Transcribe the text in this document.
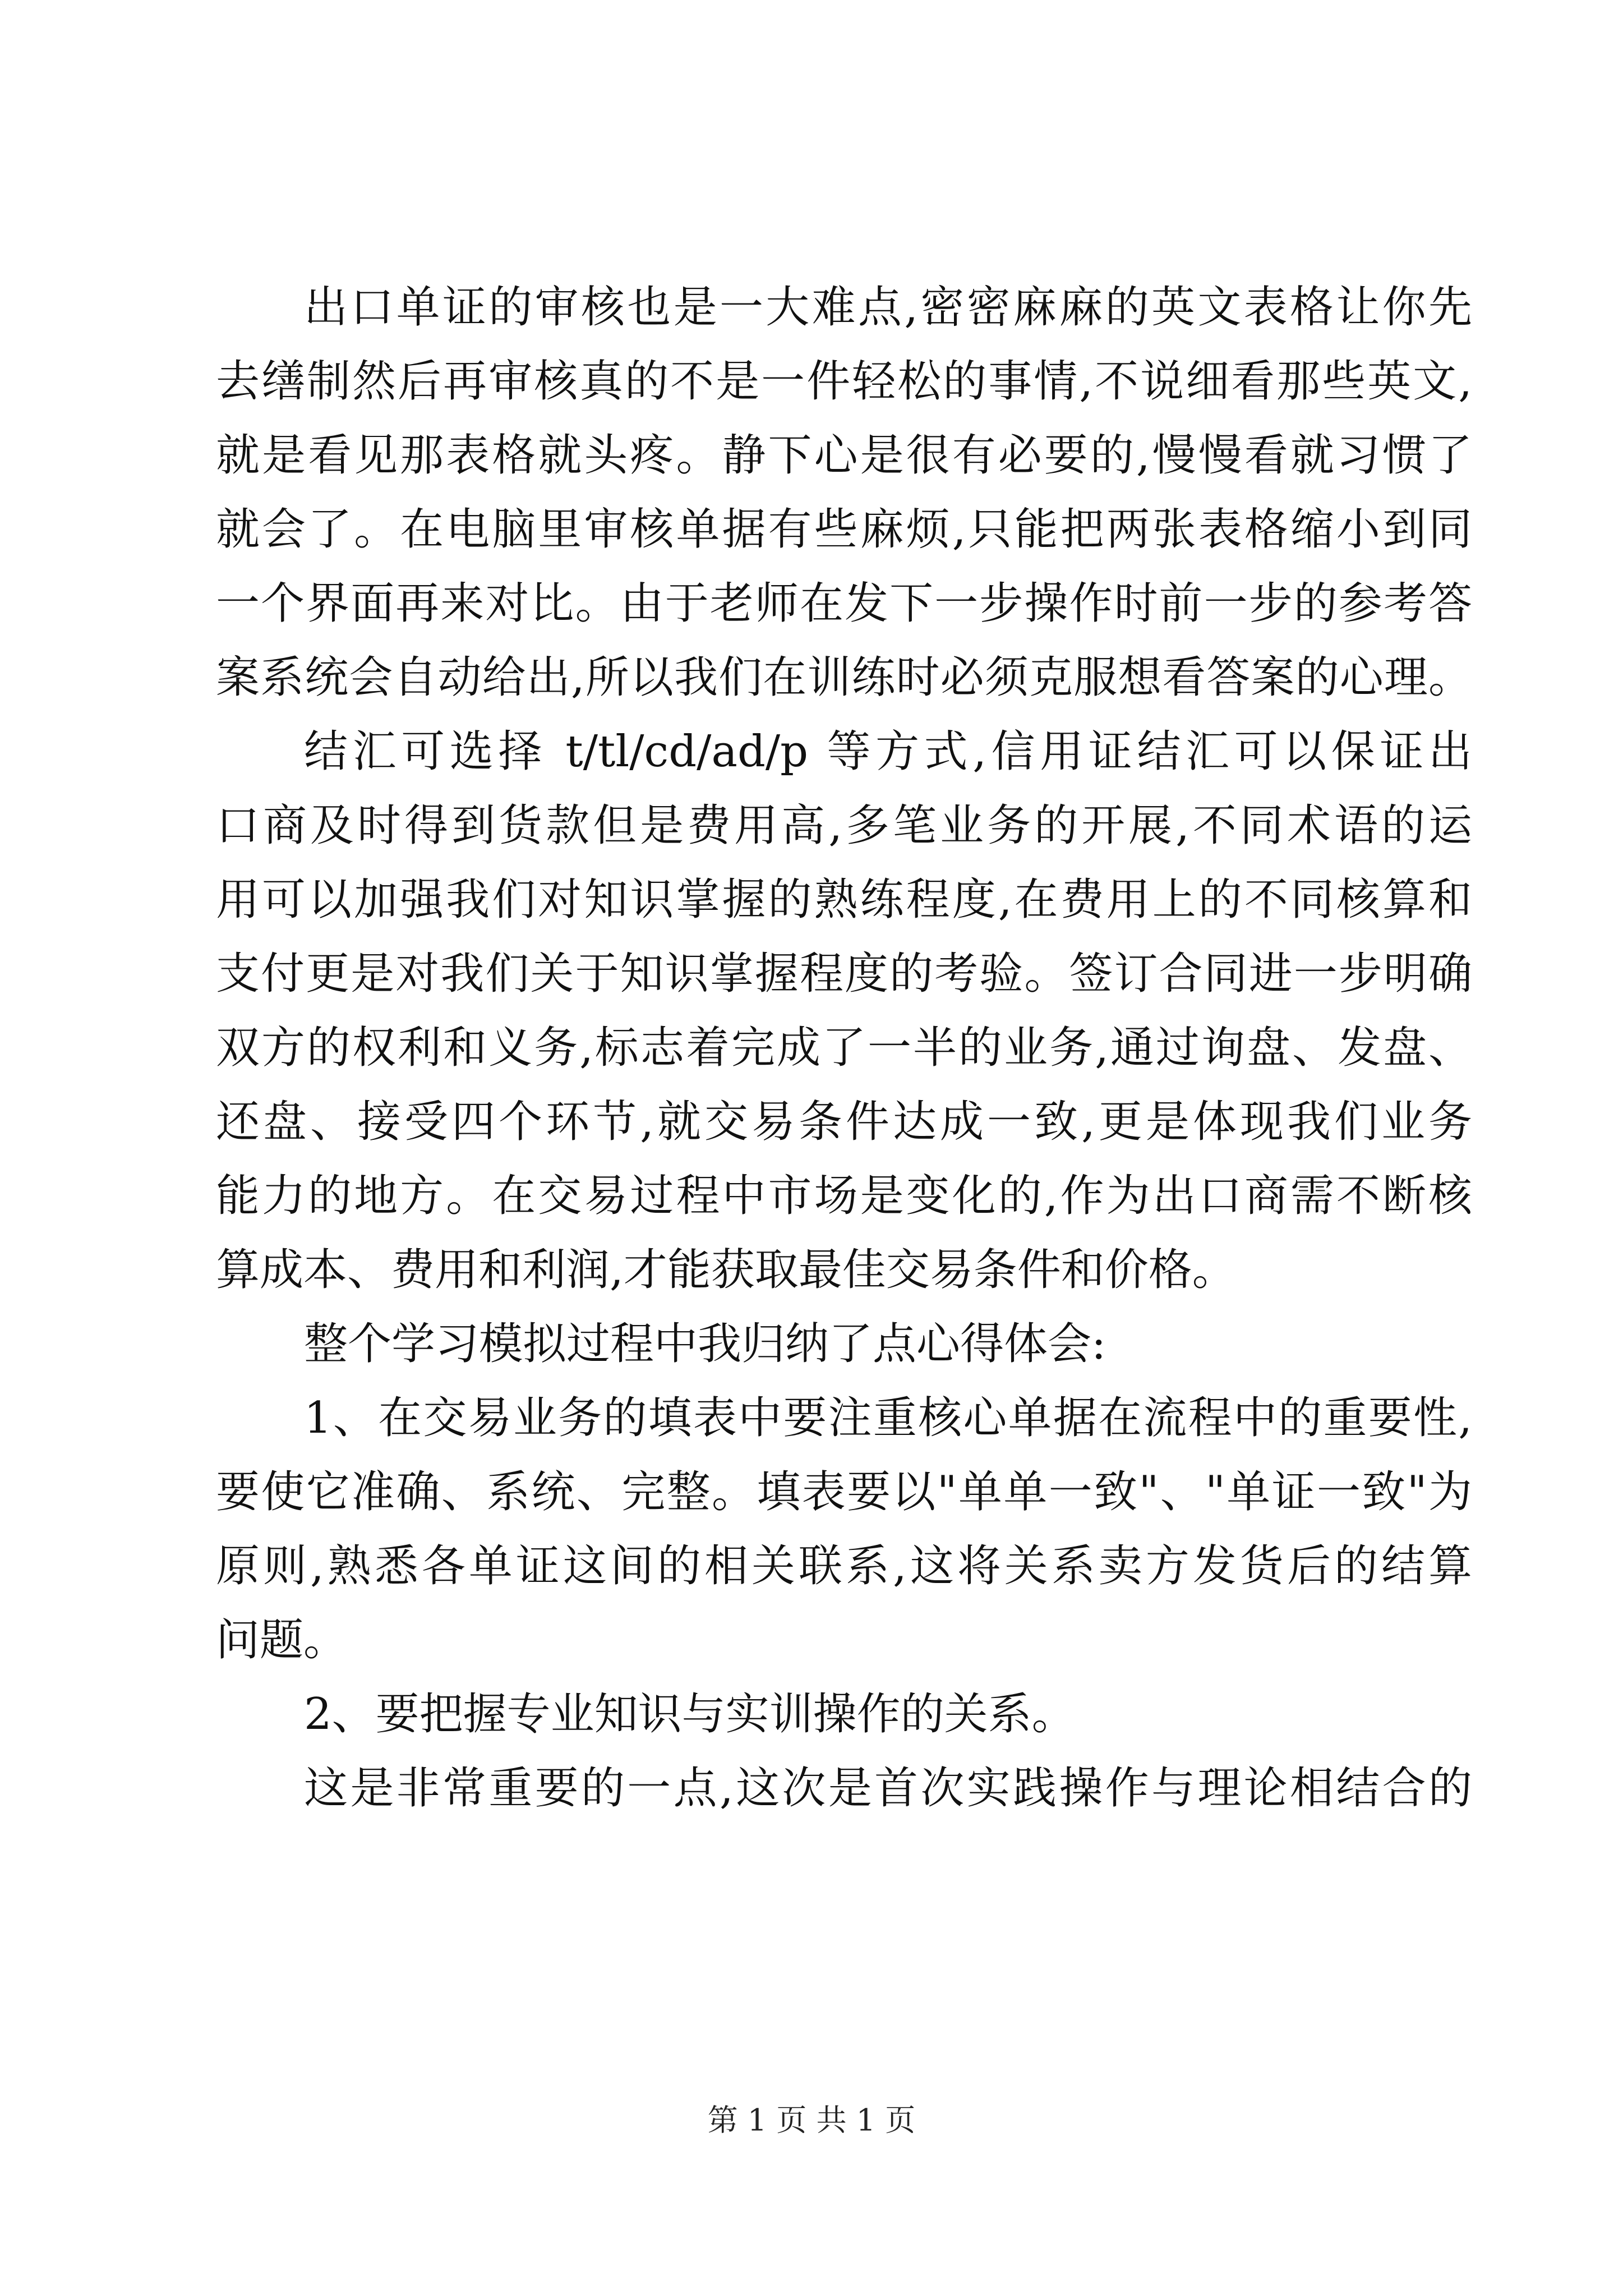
出口单证的审核也是一大难点,密密麻麻的英文表格让你先
去缮制然后再审核真的不是一件轻松的事情,不说细看那些英文,
就是看见那表格就头疼。静下心是很有必要的,慢慢看就习惯了
就会了。在电脑里审核单据有些麻烦,只能把两张表格缩小到同
一个界面再来对比。由于老师在发下一步操作时前一步的参考答
案系统会自动给出,所以我们在训练时必须克服想看答案的心理。
结汇可选择 t/tl/cd/ad/p 等方式,信用证结汇可以保证出
口商及时得到货款但是费用高,多笔业务的开展,不同术语的运
用可以加强我们对知识掌握的熟练程度,在费用上的不同核算和
支付更是对我们关于知识掌握程度的考验。签订合同进一步明确
双方的权利和义务,标志着完成了一半的业务,通过询盘、发盘、
还盘、接受四个环节,就交易条件达成一致,更是体现我们业务
能力的地方。在交易过程中市场是变化的,作为出口商需不断核
算成本、费用和利润,才能获取最佳交易条件和价格。
整个学习模拟过程中我归纳了点心得体会:
1、在交易业务的填表中要注重核心单据在流程中的重要性,
要使它准确、系统、完整。填表要以"单单一致"、"单证一致"为
原则,熟悉各单证这间的相关联系,这将关系卖方发货后的结算
问题。
2、要把握专业知识与实训操作的关系。
这是非常重要的一点,这次是首次实践操作与理论相结合的
第 1 页 共 1 页
